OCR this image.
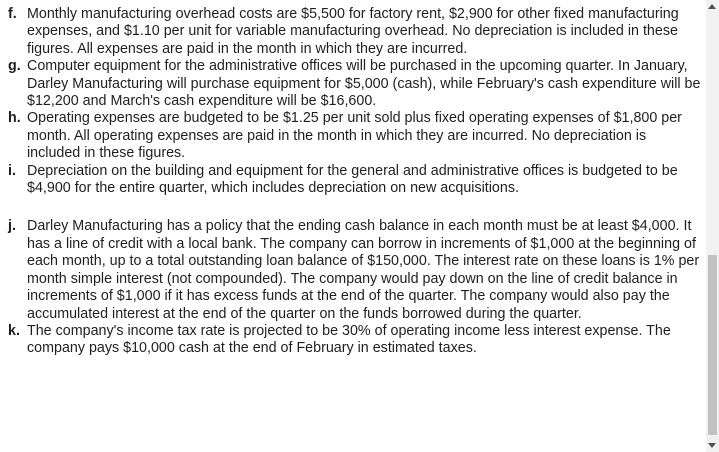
f. Monthly manufacturing overhead costs are $5,500 for factory rent, $2,900 for other fixed manufacturing expenses, and $1.10 per unit for variable manufacturing overhead. No depreciation is included in these figures. All expenses are paid in the month in which they are incurred.
g. Computer equipment for the administrative offices will be purchased in the upcoming quarter. In January, Darley Manufacturing will purchase equipment for $5,000 (cash), while February's cash expenditure will be $12,200 and March's cash expenditure will be $16,600.
h. Operating expenses are budgeted to be $1.25 per unit sold plus fixed operating expenses of $1,800 per month. All operating expenses are paid in the month in which they are incurred. No depreciation is included in these figures.
i. Depreciation on the building and equipment for the general and administrative offices is budgeted to be $4,900 for the entire quarter, which includes depreciation on new acquisitions.
j. Darley Manufacturing has a policy that the ending cash balance in each month must be at least $4,000. It has a line of credit with a local bank. The company can borrow in increments of $1,000 at the beginning of each month, up to a total outstanding loan balance of $150,000. The interest rate on these loans is 1% per month simple interest (not compounded). The company would pay down on the line of credit balance in increments of $1,000 if it has excess funds at the end of the quarter. The company would also pay the accumulated interest at the end of the quarter on the funds borrowed during the quarter.
k. The company's income tax rate is projected to be 30% of operating income less interest expense. The company pays $10,000 cash at the end of February in estimated taxes.
